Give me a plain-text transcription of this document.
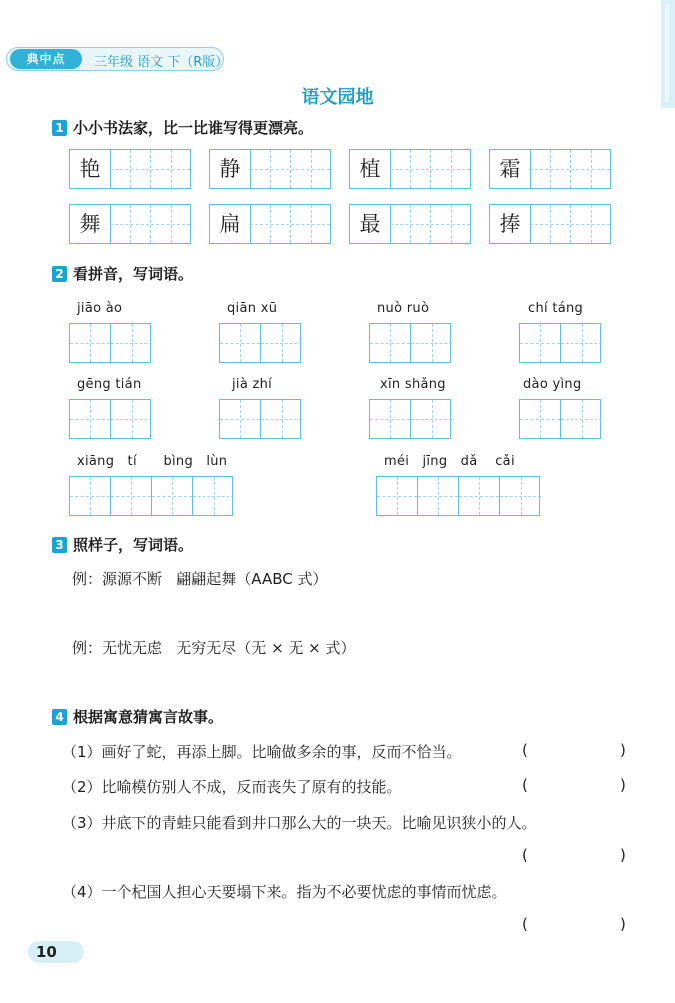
典中点	三年级 语文 下（R版）
语文园地
1 小小书法家，比一比谁写得更漂亮。
艳	静	植	霜
舞	扁	最	捧
2 看拼音，写词语。
jiāo ào	qiān xū	nuò ruò	chí táng
gēng tián	jià zhí	xīn shǎng	dào yìng
xiāng   tí      bìng   lùn	méi   jīng   dǎ    cǎi
3 照样子，写词语。
例：源源不断   翩翩起舞（AABC 式）
例：无忧无虑   无穷无尽（无 × 无 × 式）
4 根据寓意猜寓言故事。
（1）画好了蛇，再添上脚。比喻做多余的事，反而不恰当。	(	)
（2）比喻模仿别人不成，反而丧失了原有的技能。	(	)
（3）井底下的青蛙只能看到井口那么大的一块天。比喻见识狭小的人。
(	)
（4）一个杞国人担心天要塌下来。指为不必要忧虑的事情而忧虑。
(	)
10
